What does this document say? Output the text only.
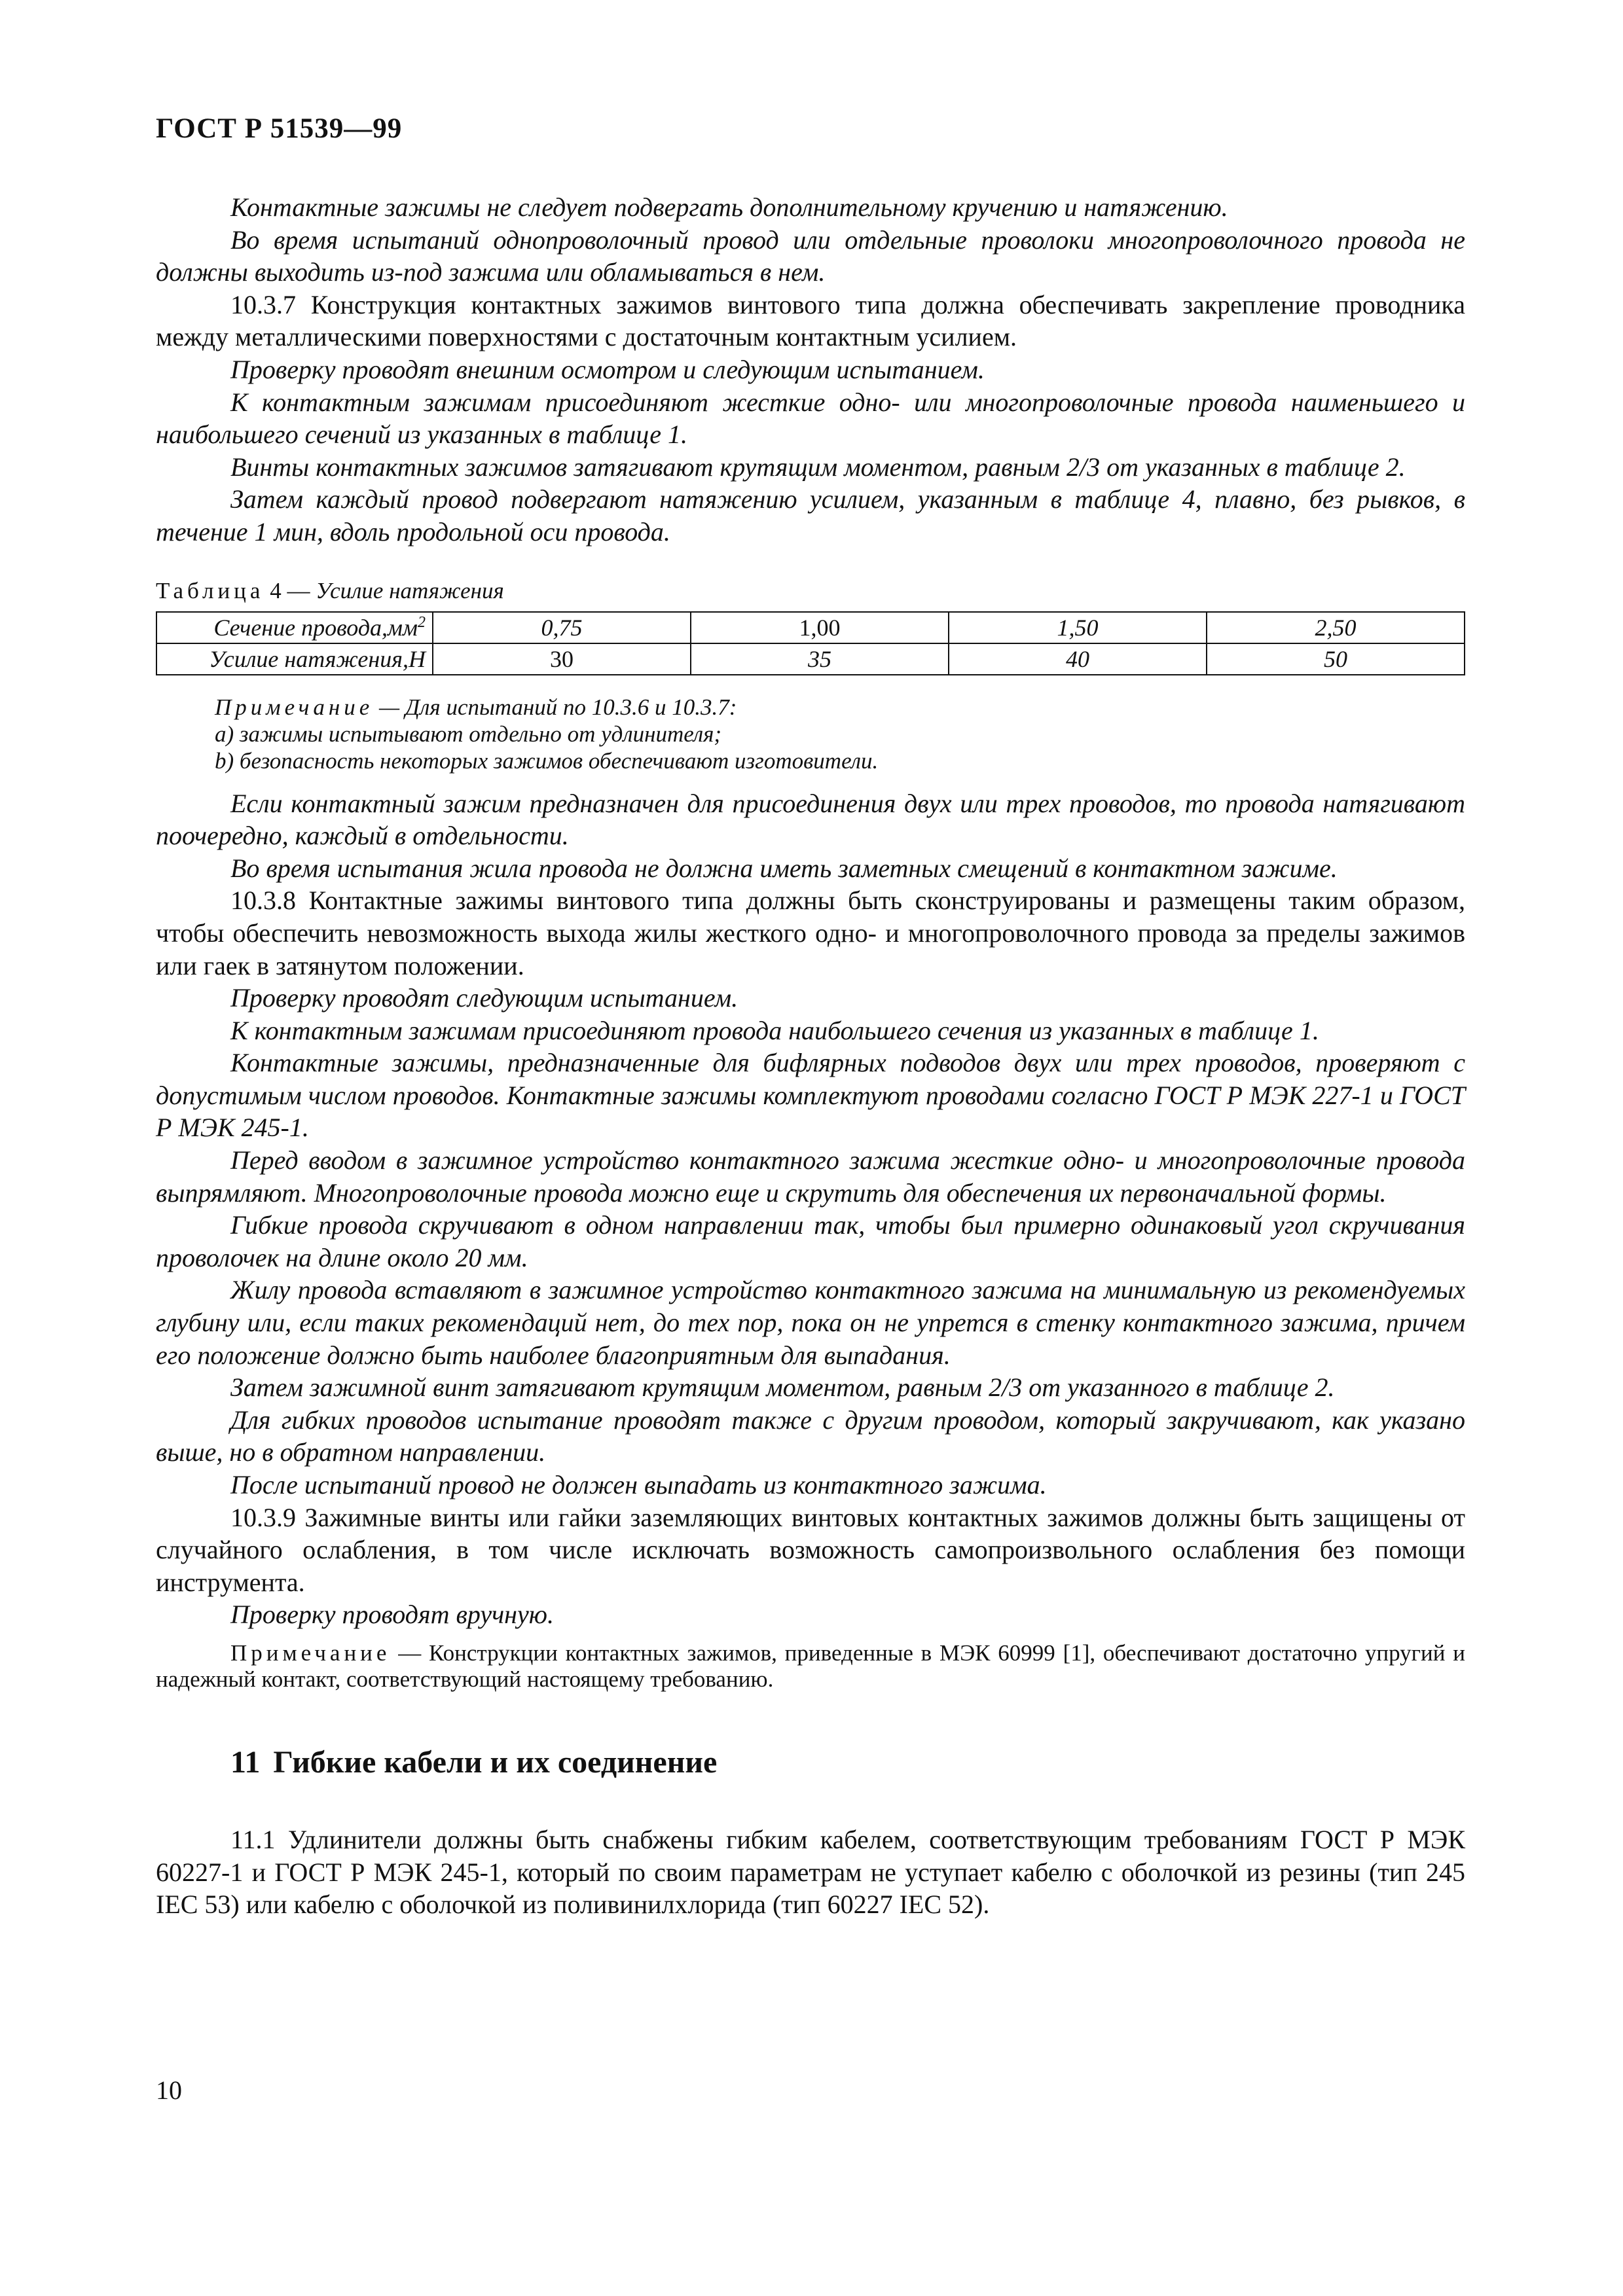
ГОСТ Р 51539—99

Контактные зажимы не следует подвергать дополнительному кручению и натяжению.

Во время испытаний однопроволочный провод или отдельные проволоки многопроволочного провода не должны выходить из-под зажима или обламываться в нем.

10.3.7 Конструкция контактных зажимов винтового типа должна обеспечивать закрепление проводника между металлическими поверхностями с достаточным контактным усилием.

Проверку проводят внешним осмотром и следующим испытанием.

К контактным зажимам присоединяют жесткие одно- или многопроволочные провода наименьшего и наибольшего сечений из указанных в таблице 1.

Винты контактных зажимов затягивают крутящим моментом, равным 2/3 от указанных в таблице 2.

Затем каждый провод подвергают натяжению усилием, указанным в таблице 4, плавно, без рывков, в течение 1 мин, вдоль продольной оси провода.

Таблица 4 — Усилие натяжения

Сечение $провода,мм^2$	0,75	1,00	1,50	2,50
Усилие натяжения,Н	30	35	40	50

Примечание — Для испытаний по 10.3.6 и 10.3.7:

a) зажимы испытывают отдельно от удлинителя;

b) безопасность некоторых зажимов обеспечивают изготовители.

Если контактный зажим предназначен для присоединения двух или трех проводов, то провода натягивают поочередно, каждый в отдельности.

Во время испытания жила провода не должна иметь заметных смещений в контактном зажиме.

10.3.8 Контактные зажимы винтового типа должны быть сконструированы и размещены таким образом, чтобы обеспечить невозможность выхода жилы жесткого одно- и многопроволочного провода за пределы зажимов или гаек в затянутом положении.

Проверку проводят следующим испытанием.

К контактным зажимам присоединяют провода наибольшего сечения из указанных в таблице 1.

Контактные зажимы, предназначенные для бифлярных подводов двух или трех проводов, проверяют с допустимым числом проводов. Контактные зажимы комплектуют проводами согласно ГОСТ Р МЭК 227-1 и ГОСТ Р МЭК 245-1.

Перед вводом в зажимное устройство контактного зажима жесткие одно- и многопроволочные провода выпрямляют. Многопроволочные провода можно еще и скрутить для обеспечения их первоначальной формы.

Гибкие провода скручивают в одном направлении так, чтобы был примерно одинаковый угол скручивания проволочек на длине около 20 мм.

Жилу провода вставляют в зажимное устройство контактного зажима на минимальную из рекомендуемых глубину или, если таких рекомендаций нет, до тех пор, пока он не упрется в стенку контактного зажима, причем его положение должно быть наиболее благоприятным для выпадания.

Затем зажимной винт затягивают крутящим моментом, равным 2/3 от указанного в таблице 2.

Для гибких проводов испытание проводят также с другим проводом, который закручивают, как указано выше, но в обратном направлении.

После испытаний провод не должен выпадать из контактного зажима.

10.3.9 Зажимные винты или гайки заземляющих винтовых контактных зажимов должны быть защищены от случайного ослабления, в том числе исключать возможность самопроизвольного ослабления без помощи инструмента.

Проверку проводят вручную.

Примечание — Конструкции контактных зажимов, приведенные в МЭК 60999 [1], обеспечивают достаточно упругий и надежный контакт, соответствующий настоящему требованию.

11 Гибкие кабели и их соединение

11.1 Удлинители должны быть снабжены гибким кабелем, соответствующим требованиям ГОСТ Р МЭК 60227-1 и ГОСТ Р МЭК 245-1, который по своим параметрам не уступает кабелю с оболочкой из резины (тип 245 IEC 53) или кабелю с оболочкой из поливинилхлорида (тип 60227 IEC 52).

10
